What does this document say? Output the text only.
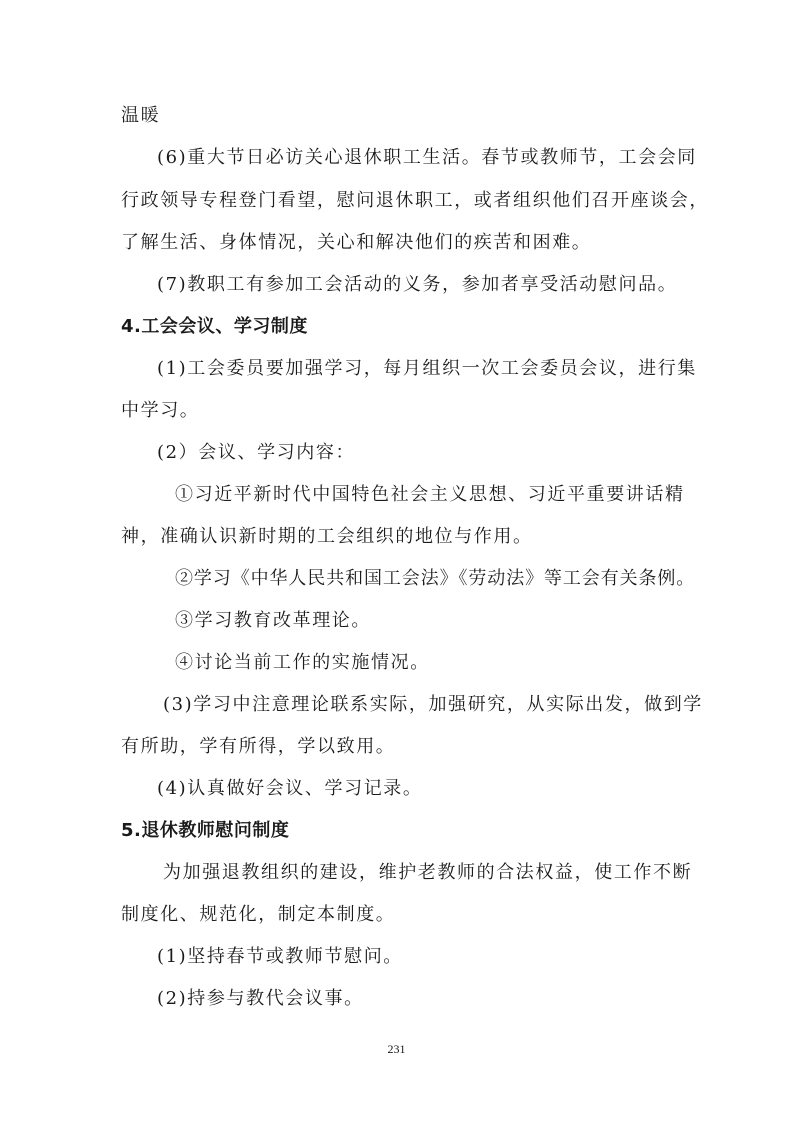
温暖
(6)重大节日必访关心退休职工生活。春节或教师节，工会会同
行政领导专程登门看望，慰问退休职工，或者组织他们召开座谈会，
了解生活、身体情况，关心和解决他们的疾苦和困难。
(7)教职工有参加工会活动的义务，参加者享受活动慰问品。
4.工会会议、学习制度
(1)工会委员要加强学习，每月组织一次工会委员会议，进行集
中学习。
(2）会议、学习内容：
①习近平新时代中国特色社会主义思想、习近平重要讲话精
神，准确认识新时期的工会组织的地位与作用。
②学习《中华人民共和国工会法》《劳动法》等工会有关条例。
③学习教育改革理论。
④讨论当前工作的实施情况。
(3)学习中注意理论联系实际，加强研究，从实际出发，做到学
有所助，学有所得，学以致用。
(4)认真做好会议、学习记录。
5.退休教师慰问制度
为加强退教组织的建设，维护老教师的合法权益，使工作不断
制度化、规范化，制定本制度。
(1)坚持春节或教师节慰问。
(2)持参与教代会议事。
231
